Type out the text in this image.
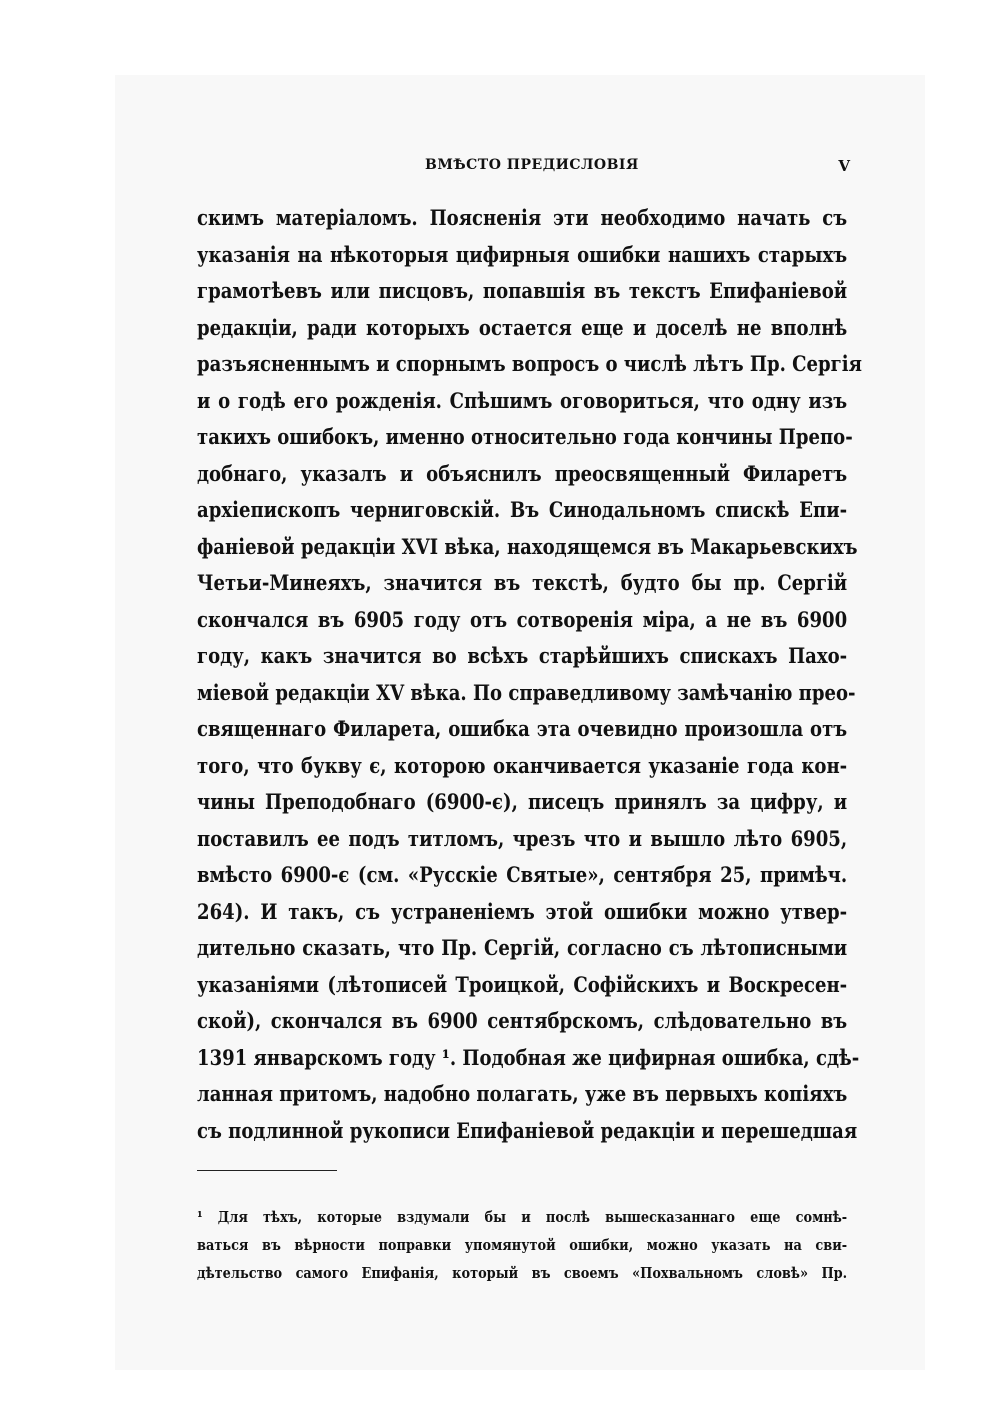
ВМѢСТО ПРЕДИСЛОВІЯ	V
скимъ матеріаломъ. Поясненія эти необходимо начать съ
указанія на нѣкоторыя цифирныя ошибки нашихъ старыхъ
грамотѣевъ или писцовъ, попавшія въ текстъ Епифаніевой
редакціи, ради которыхъ остается еще и доселѣ не вполнѣ
разъясненнымъ и спорнымъ вопросъ о числѣ лѣтъ Пр. Сергія
и о годѣ его рожденія. Спѣшимъ оговориться, что одну изъ
такихъ ошибокъ, именно относительно года кончины Препо-
добнаго, указалъ и объяснилъ преосвященный Филаретъ
архіепископъ черниговскій. Въ Синодальномъ спискѣ Епи-
фаніевой редакціи XVI вѣка, находящемся въ Макарьевскихъ
Четьи-Минеяхъ, значится въ текстѣ, будто бы пр. Сергій
скончался въ 6905 году отъ сотворенія міра, а не въ 6900
году, какъ значится во всѣхъ старѣйшихъ спискахъ Пахо-
міевой редакціи XV вѣка. По справедливому замѣчанію прео-
священнаго Филарета, ошибка эта очевидно произошла отъ
того, что букву є, которою оканчивается указаніе года кон-
чины Преподобнаго (6900-є), писецъ принялъ за цифру, и
поставилъ ее подъ титломъ, чрезъ что и вышло лѣто 6905,
вмѣсто 6900-є (см. «Русскіе Святые», сентября 25, примѣч.
264). И такъ, съ устраненіемъ этой ошибки можно утвер-
дительно сказать, что Пр. Сергій, согласно съ лѣтописными
указаніями (лѣтописей Троицкой, Софійскихъ и Воскресен-
ской), скончался въ 6900 сентябрскомъ, слѣдовательно въ
1391 январскомъ году ¹. Подобная же цифирная ошибка, сдѣ-
ланная притомъ, надобно полагать, уже въ первыхъ копіяхъ
съ подлинной рукописи Епифаніевой редакціи и перешедшая
¹ Для тѣхъ, которые вздумали бы и послѣ вышесказаннаго еще сомнѣ-
ваться въ вѣрности поправки упомянутой ошибки, можно указать на сви-
дѣтельство самого Епифанія, который въ своемъ «Похвальномъ словѣ» Пр.
